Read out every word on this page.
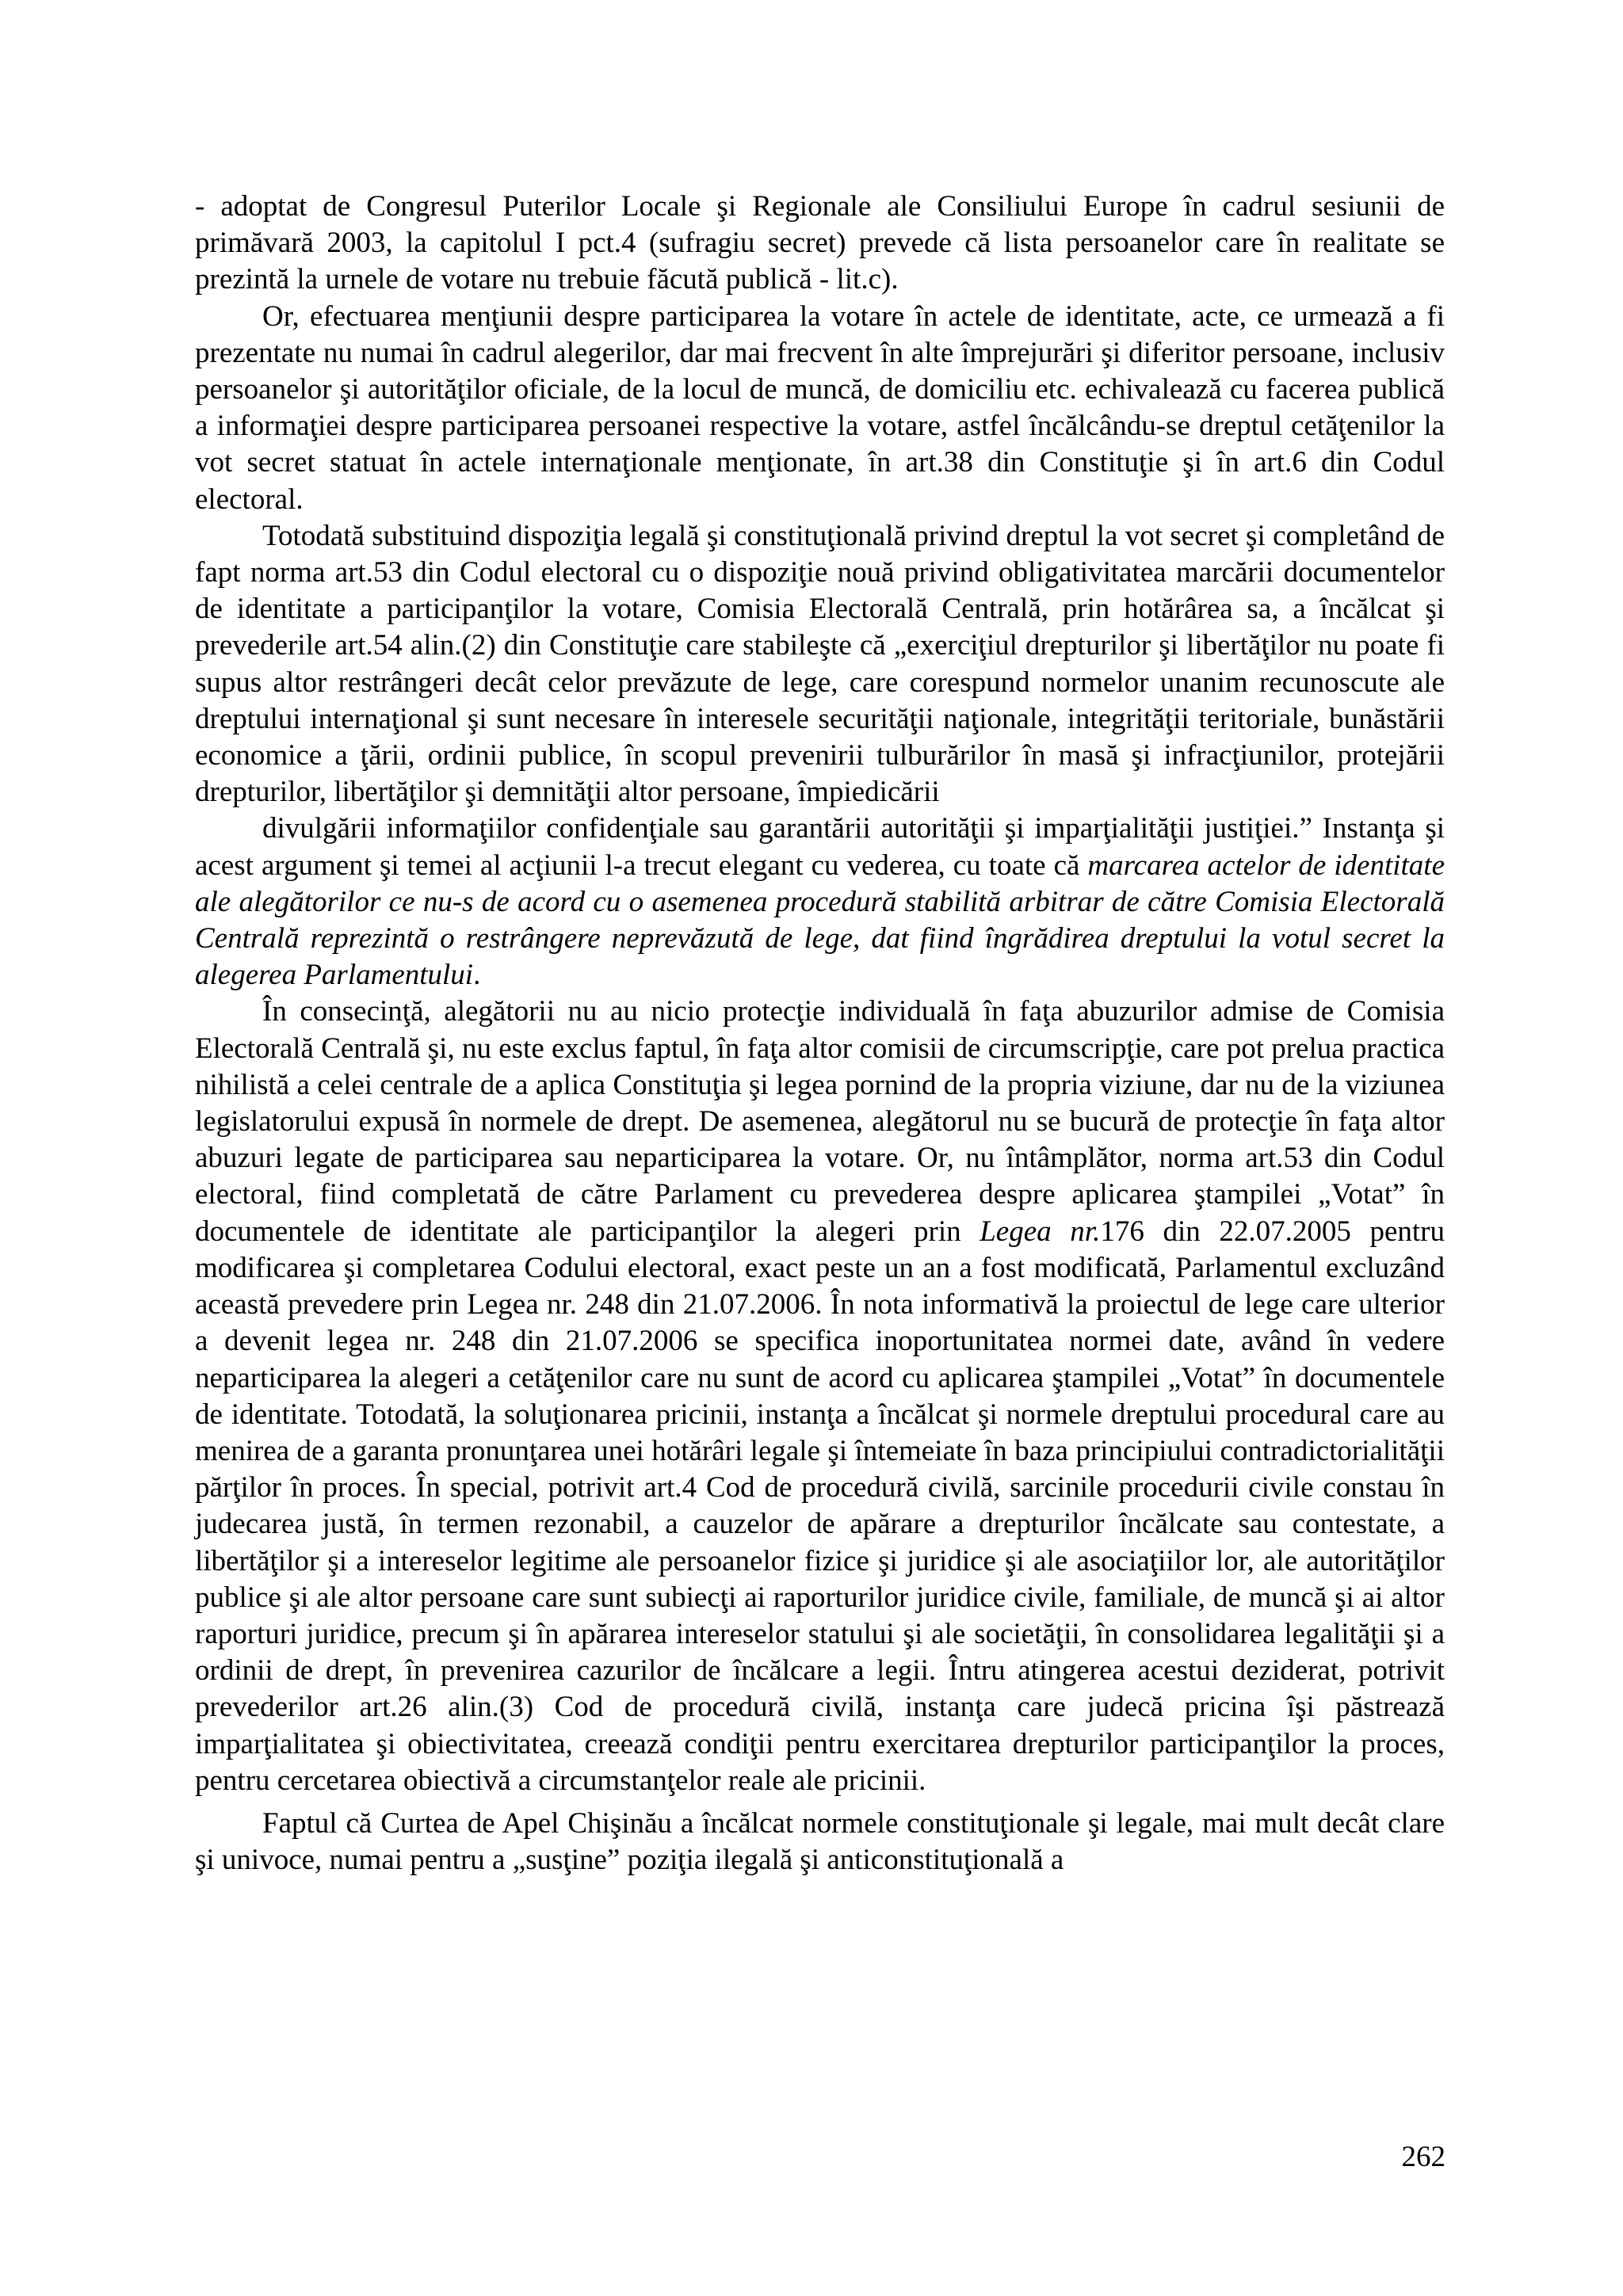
- adoptat de Congresul Puterilor Locale şi Regionale ale Consiliului Europe în cadrul sesiunii de primăvară 2003, la capitolul I pct.4 (sufragiu secret) prevede că lista persoanelor care în realitate se prezintă la urnele de votare nu trebuie făcută publică - lit.c).

Or, efectuarea menţiunii despre participarea la votare în actele de identitate, acte, ce urmează a fi prezentate nu numai în cadrul alegerilor, dar mai frecvent în alte împrejurări şi diferitor persoane, inclusiv persoanelor şi autorităţilor oficiale, de la locul de muncă, de domiciliu etc. echivalează cu facerea publică a informaţiei despre participarea persoanei respective la votare, astfel încălcându-se dreptul cetăţenilor la vot secret statuat în actele internaţionale menţionate, în art.38 din Constituţie şi în art.6 din Codul electoral.

Totodată substituind dispoziţia legală şi constituţională privind dreptul la vot secret şi completând de fapt norma art.53 din Codul electoral cu o dispoziţie nouă privind obligativitatea marcării documentelor de identitate a participanţilor la votare, Comisia Electorală Centrală, prin hotărârea sa, a încălcat şi prevederile art.54 alin.(2) din Constituţie care stabileşte că „exerciţiul drepturilor şi libertăţilor nu poate fi supus altor restrângeri decât celor prevăzute de lege, care corespund normelor unanim recunoscute ale dreptului internaţional şi sunt necesare în interesele securităţii naţionale, integrităţii teritoriale, bunăstării economice a ţării, ordinii publice, în scopul prevenirii tulburărilor în masă şi infracţiunilor, protejării drepturilor, libertăţilor şi demnităţii altor persoane, împiedicării

divulgării informaţiilor confidenţiale sau garantării autorităţii şi imparţialităţii justiţiei.” Instanţa şi acest argument şi temei al acţiunii l-a trecut elegant cu vederea, cu toate că marcarea actelor de identitate ale alegătorilor ce nu-s de acord cu o asemenea procedură stabilită arbitrar de către Comisia Electorală Centrală reprezintă o restrângere neprevăzută de lege, dat fiind îngrădirea dreptului la votul secret la alegerea Parlamentului.

În consecinţă, alegătorii nu au nicio protecţie individuală în faţa abuzurilor admise de Comisia Electorală Centrală şi, nu este exclus faptul, în faţa altor comisii de circumscripţie, care pot prelua practica nihilistă a celei centrale de a aplica Constituţia şi legea pornind de la propria viziune, dar nu de la viziunea legislatorului expusă în normele de drept. De asemenea, alegătorul nu se bucură de protecţie în faţa altor abuzuri legate de participarea sau neparticiparea la votare. Or, nu întâmplător, norma art.53 din Codul electoral, fiind completată de către Parlament cu prevederea despre aplicarea ştampilei „Votat” în documentele de identitate ale participanţilor la alegeri prin Legea nr.176 din 22.07.2005 pentru modificarea şi completarea Codului electoral, exact peste un an a fost modificată, Parlamentul excluzând această prevedere prin Legea nr. 248 din 21.07.2006. În nota informativă la proiectul de lege care ulterior a devenit legea nr. 248 din 21.07.2006 se specifica inoportunitatea normei date, având în vedere neparticiparea la alegeri a cetăţenilor care nu sunt de acord cu aplicarea ştampilei „Votat” în documentele de identitate. Totodată, la soluţionarea pricinii, instanţa a încălcat şi normele dreptului procedural care au menirea de a garanta pronunţarea unei hotărâri legale şi întemeiate în baza principiului contradictorialităţii părţilor în proces. În special, potrivit art.4 Cod de procedură civilă, sarcinile procedurii civile constau în judecarea justă, în termen rezonabil, a cauzelor de apărare a drepturilor încălcate sau contestate, a libertăţilor şi a intereselor legitime ale persoanelor fizice şi juridice şi ale asociaţiilor lor, ale autorităţilor publice şi ale altor persoane care sunt subiecţi ai raporturilor juridice civile, familiale, de muncă şi ai altor raporturi juridice, precum şi în apărarea intereselor statului şi ale societăţii, în consolidarea legalităţii şi a ordinii de drept, în prevenirea cazurilor de încălcare a legii. Întru atingerea acestui deziderat, potrivit prevederilor art.26 alin.(3) Cod de procedură civilă, instanţa care judecă pricina îşi păstrează imparţialitatea şi obiectivitatea, creează condiţii pentru exercitarea drepturilor participanţilor la proces, pentru cercetarea obiectivă a circumstanţelor reale ale pricinii.

Faptul că Curtea de Apel Chişinău a încălcat normele constituţionale şi legale, mai mult decât clare şi univoce, numai pentru a „susţine” poziţia ilegală şi anticonstituţională a

262
